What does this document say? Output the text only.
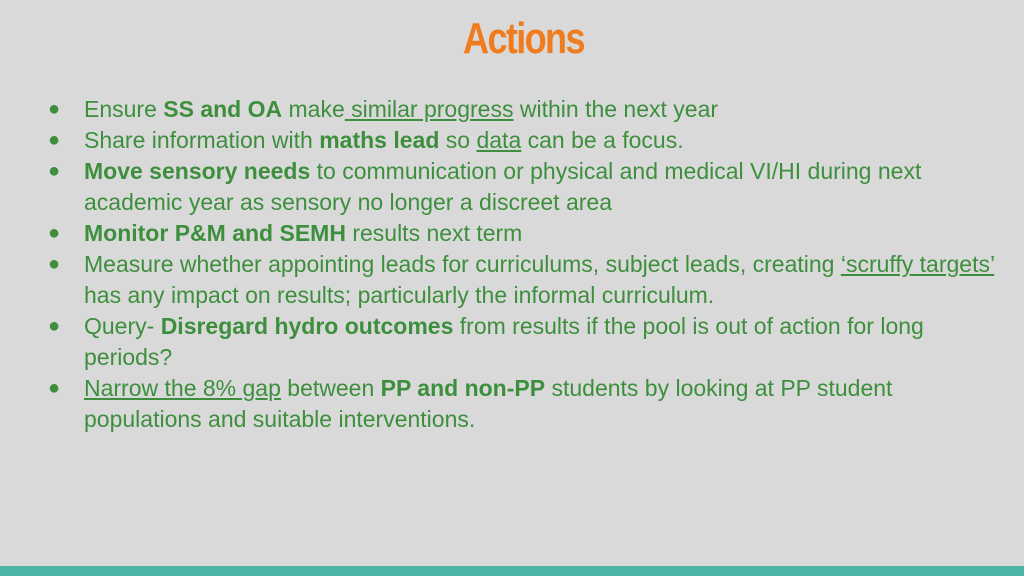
Actions
● Ensure SS and OA make similar progress within the next year
● Share information with maths lead so data can be a focus.
● Move sensory needs to communication or physical and medical VI/HI during next academic year as sensory no longer a discreet area
● Monitor P&M and SEMH results next term
● Measure whether appointing leads for curriculums, subject leads, creating ‘scruffy targets’ has any impact on results; particularly the informal curriculum.
● Query- Disregard hydro outcomes from results if the pool is out of action for long periods?
● Narrow the 8% gap between PP and non-PP students by looking at PP student populations and suitable interventions.
